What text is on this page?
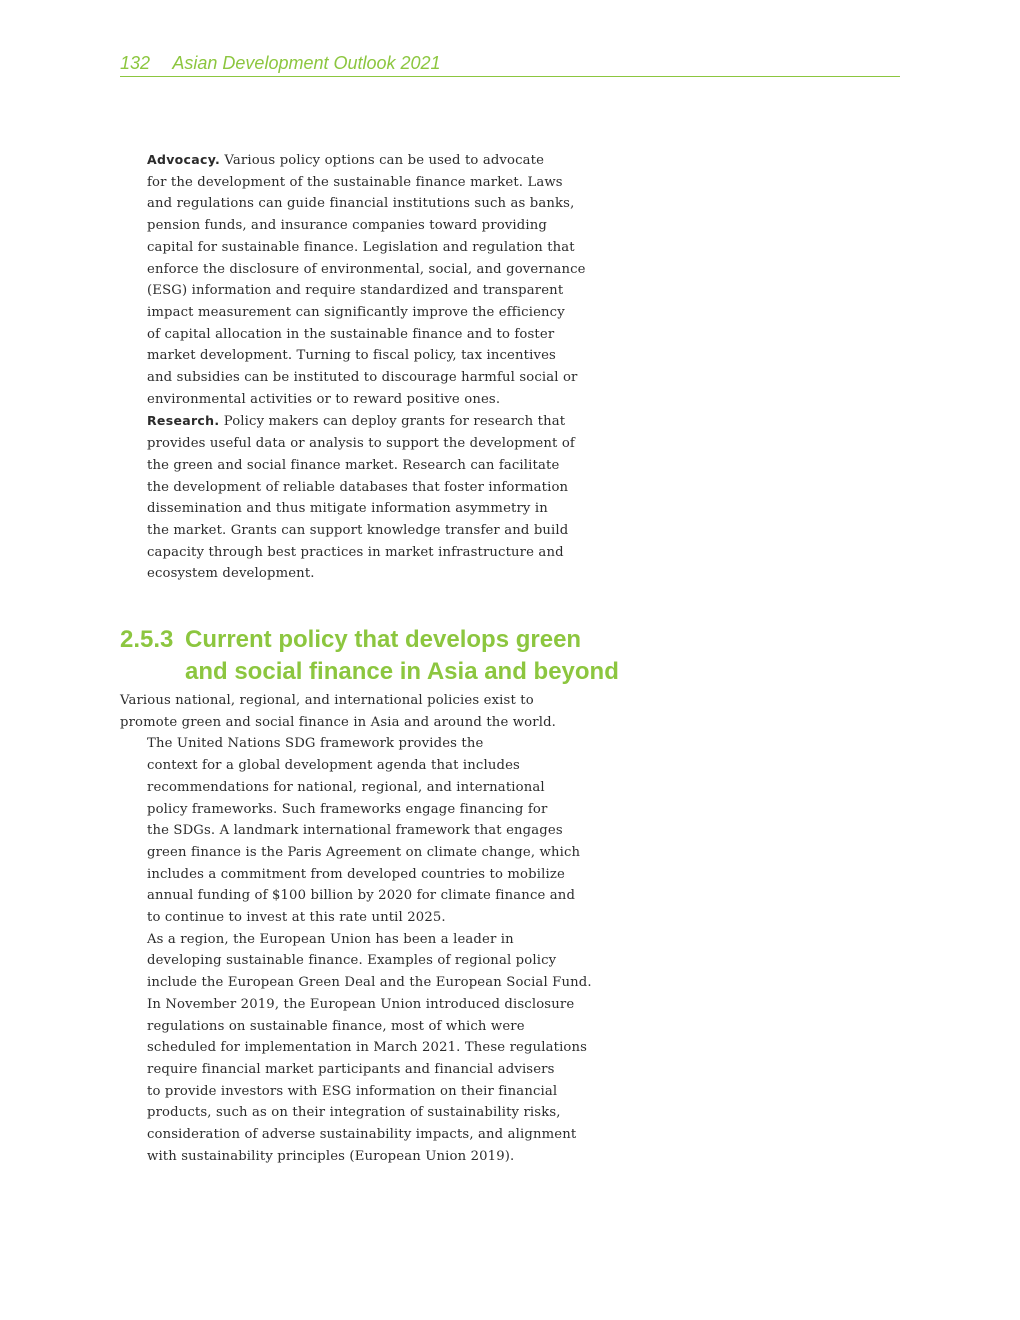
132 Asian Development Outlook 2021

Advocacy. Various policy options can be used to advocate
for the development of the sustainable finance market. Laws
and regulations can guide financial institutions such as banks,
pension funds, and insurance companies toward providing
capital for sustainable finance. Legislation and regulation that
enforce the disclosure of environmental, social, and governance
(ESG) information and require standardized and transparent
impact measurement can significantly improve the efficiency
of capital allocation in the sustainable finance and to foster
market development. Turning to fiscal policy, tax incentives
and subsidies can be instituted to discourage harmful social or
environmental activities or to reward positive ones.

Research. Policy makers can deploy grants for research that
provides useful data or analysis to support the development of
the green and social finance market. Research can facilitate
the development of reliable databases that foster information
dissemination and thus mitigate information asymmetry in
the market. Grants can support knowledge transfer and build
capacity through best practices in market infrastructure and
ecosystem development.

2.5.3 Current policy that develops green
and social finance in Asia and beyond

Various national, regional, and international policies exist to
promote green and social finance in Asia and around the world.

The United Nations SDG framework provides the
context for a global development agenda that includes
recommendations for national, regional, and international
policy frameworks. Such frameworks engage financing for
the SDGs. A landmark international framework that engages
green finance is the Paris Agreement on climate change, which
includes a commitment from developed countries to mobilize
annual funding of $100 billion by 2020 for climate finance and
to continue to invest at this rate until 2025.

As a region, the European Union has been a leader in
developing sustainable finance. Examples of regional policy
include the European Green Deal and the European Social Fund.
In November 2019, the European Union introduced disclosure
regulations on sustainable finance, most of which were
scheduled for implementation in March 2021. These regulations
require financial market participants and financial advisers
to provide investors with ESG information on their financial
products, such as on their integration of sustainability risks,
consideration of adverse sustainability impacts, and alignment
with sustainability principles (European Union 2019).
